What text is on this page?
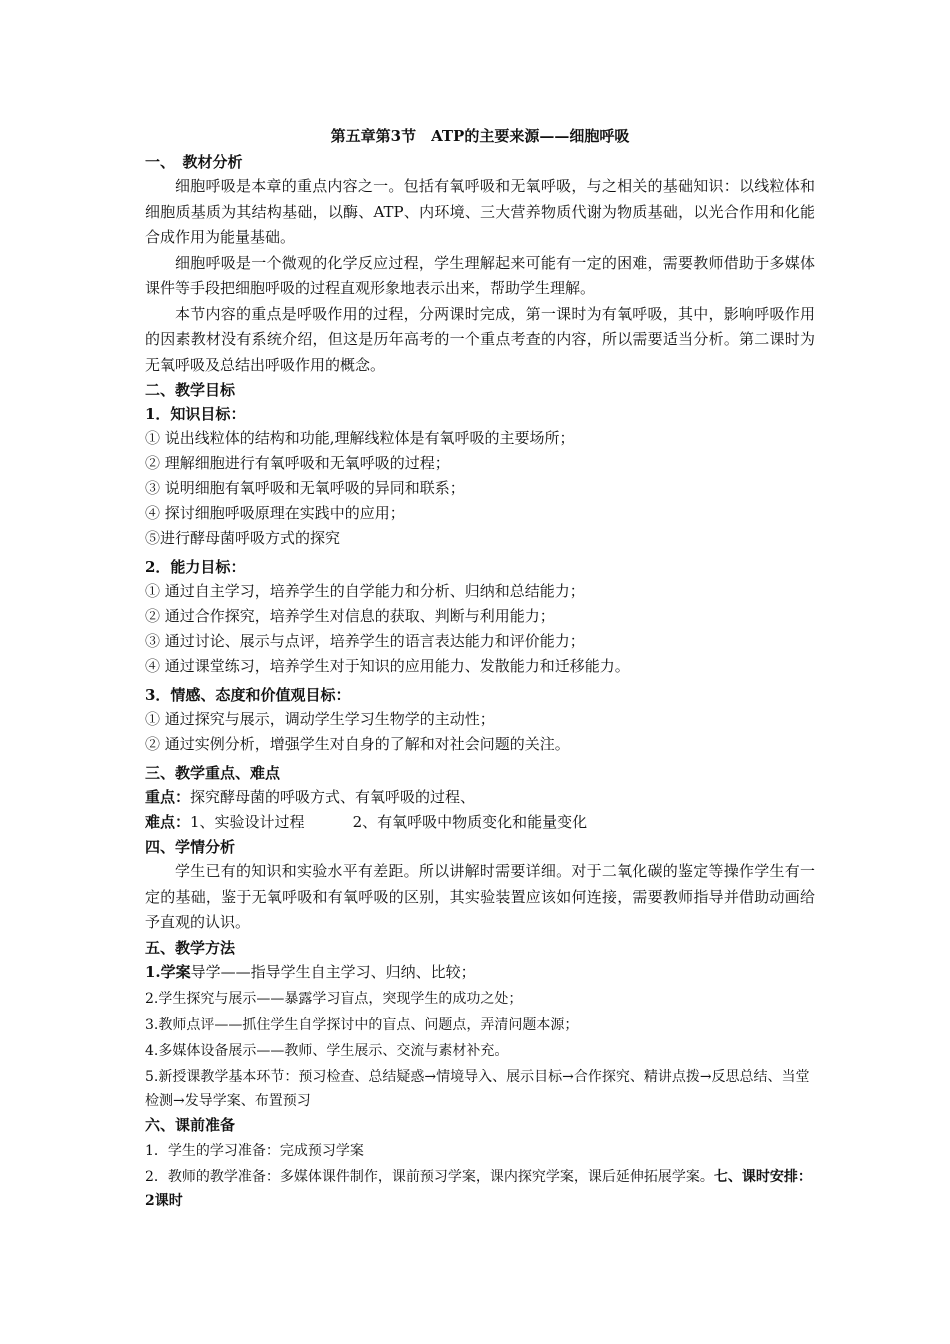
第五章第3节　ATP的主要来源——细胞呼吸
一、　教材分析
细胞呼吸是本章的重点内容之一。包括有氧呼吸和无氧呼吸，与之相关的基础知识：以线粒体和细胞质基质为其结构基础，以酶、ATP、内环境、三大营养物质代谢为物质基础，以光合作用和化能合成作用为能量基础。
细胞呼吸是一个微观的化学反应过程，学生理解起来可能有一定的困难，需要教师借助于多媒体课件等手段把细胞呼吸的过程直观形象地表示出来，帮助学生理解。
本节内容的重点是呼吸作用的过程，分两课时完成，第一课时为有氧呼吸，其中，影响呼吸作用的因素教材没有系统介绍，但这是历年高考的一个重点考查的内容，所以需要适当分析。第二课时为无氧呼吸及总结出呼吸作用的概念。
二、教学目标
1．知识目标：
① 说出线粒体的结构和功能,理解线粒体是有氧呼吸的主要场所；
② 理解细胞进行有氧呼吸和无氧呼吸的过程；
③ 说明细胞有氧呼吸和无氧呼吸的异同和联系；
④ 探讨细胞呼吸原理在实践中的应用；
⑤进行酵母菌呼吸方式的探究
2．能力目标：
① 通过自主学习，培养学生的自学能力和分析、归纳和总结能力；
② 通过合作探究，培养学生对信息的获取、判断与利用能力；
③ 通过讨论、展示与点评，培养学生的语言表达能力和评价能力；
④ 通过课堂练习，培养学生对于知识的应用能力、发散能力和迁移能力。
3．情感、态度和价值观目标：
① 通过探究与展示，调动学生学习生物学的主动性；
② 通过实例分析，增强学生对自身的了解和对社会问题的关注。
三、教学重点、难点
重点：探究酵母菌的呼吸方式、有氧呼吸的过程、
难点：1、实验设计过程	2、有氧呼吸中物质变化和能量变化
四、学情分析
学生已有的知识和实验水平有差距。所以讲解时需要详细。对于二氧化碳的鉴定等操作学生有一定的基础，鉴于无氧呼吸和有氧呼吸的区别，其实验装置应该如何连接，需要教师指导并借助动画给予直观的认识。
五、教学方法
1.学案导学——指导学生自主学习、归纳、比较；
2.学生探究与展示——暴露学习盲点，突现学生的成功之处；
3.教师点评——抓住学生自学探讨中的盲点、问题点，弄清问题本源；
4.多媒体设备展示——教师、学生展示、交流与素材补充。
5.新授课教学基本环节：预习检查、总结疑惑→情境导入、展示目标→合作探究、精讲点拨→反思总结、当堂检测→发导学案、布置预习
六、课前准备
1．学生的学习准备：完成预习学案
2．教师的教学准备：多媒体课件制作，课前预习学案，课内探究学案，课后延伸拓展学案。七、课时安排：2课时
